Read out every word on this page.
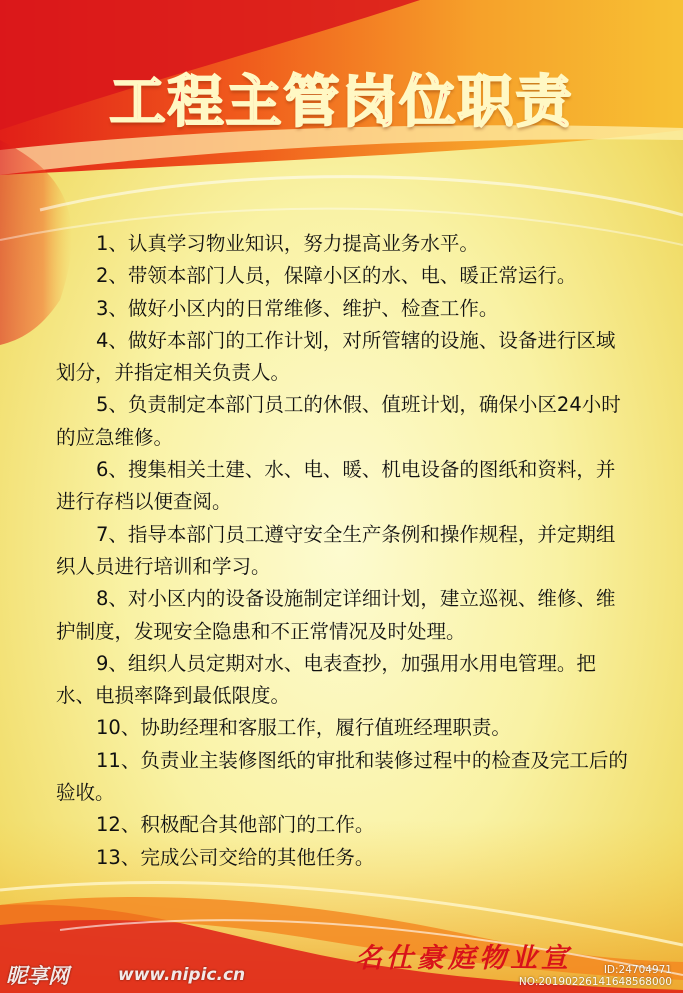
工程主管岗位职责

1、认真学习物业知识，努力提高业务水平。

2、带领本部门人员，保障小区的水、电、暖正常运行。

3、做好小区内的日常维修、维护、检查工作。

4、做好本部门的工作计划，对所管辖的设施、设备进行区域划分，并指定相关负责人。

5、负责制定本部门员工的休假、值班计划，确保小区24小时的应急维修。

6、搜集相关土建、水、电、暖、机电设备的图纸和资料，并进行存档以便查阅。

7、指导本部门员工遵守安全生产条例和操作规程，并定期组织人员进行培训和学习。

8、对小区内的设备设施制定详细计划，建立巡视、维修、维护制度，发现安全隐患和不正常情况及时处理。

9、组织人员定期对水、电表查抄，加强用水用电管理。把水、电损率降到最低限度。

10、协助经理和客服工作，履行值班经理职责。

11、负责业主装修图纸的审批和装修过程中的检查及完工后的验收。

12、积极配合其他部门的工作。

13、完成公司交给的其他任务。

名仕豪庭物业宣
昵享网	www.nipic.cn	ID:24704971 NO:20190226141648568000
